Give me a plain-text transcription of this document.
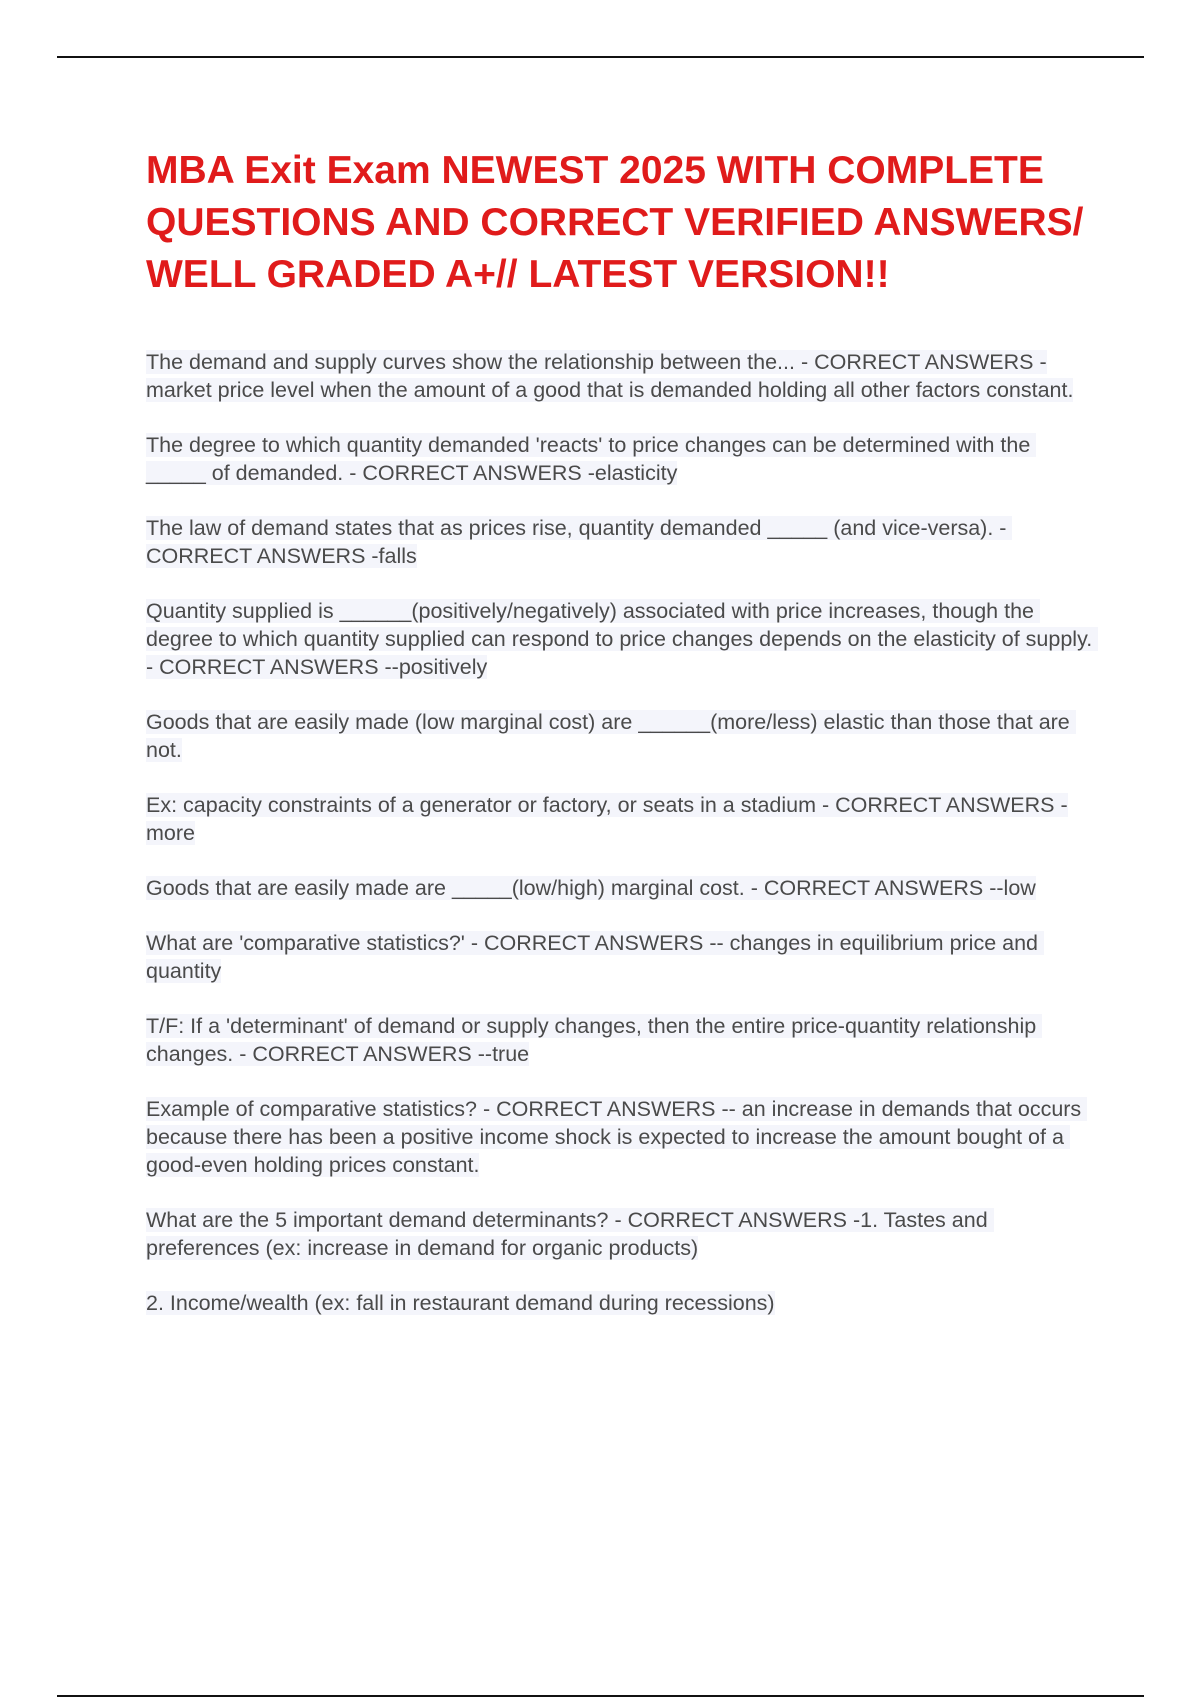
MBA Exit Exam NEWEST 2025 WITH COMPLETE QUESTIONS AND CORRECT VERIFIED ANSWERS/ WELL GRADED A+// LATEST VERSION!!

The demand and supply curves show the relationship between the... - CORRECT ANSWERS -market price level when the amount of a good that is demanded holding all other factors constant.

The degree to which quantity demanded 'reacts' to price changes can be determined with the _____ of demanded. - CORRECT ANSWERS -elasticity

The law of demand states that as prices rise, quantity demanded _____ (and vice-versa). - CORRECT ANSWERS -falls

Quantity supplied is ______(positively/negatively) associated with price increases, though the degree to which quantity supplied can respond to price changes depends on the elasticity of supply. - CORRECT ANSWERS --positively

Goods that are easily made (low marginal cost) are ______(more/less) elastic than those that are not.

Ex: capacity constraints of a generator or factory, or seats in a stadium - CORRECT ANSWERS -more

Goods that are easily made are _____(low/high) marginal cost. - CORRECT ANSWERS --low

What are 'comparative statistics?' - CORRECT ANSWERS -- changes in equilibrium price and quantity

T/F: If a 'determinant' of demand or supply changes, then the entire price-quantity relationship changes. - CORRECT ANSWERS --true

Example of comparative statistics? - CORRECT ANSWERS -- an increase in demands that occurs because there has been a positive income shock is expected to increase the amount bought of a good-even holding prices constant.

What are the 5 important demand determinants? - CORRECT ANSWERS -1. Tastes and preferences (ex: increase in demand for organic products)

2. Income/wealth (ex: fall in restaurant demand during recessions)
